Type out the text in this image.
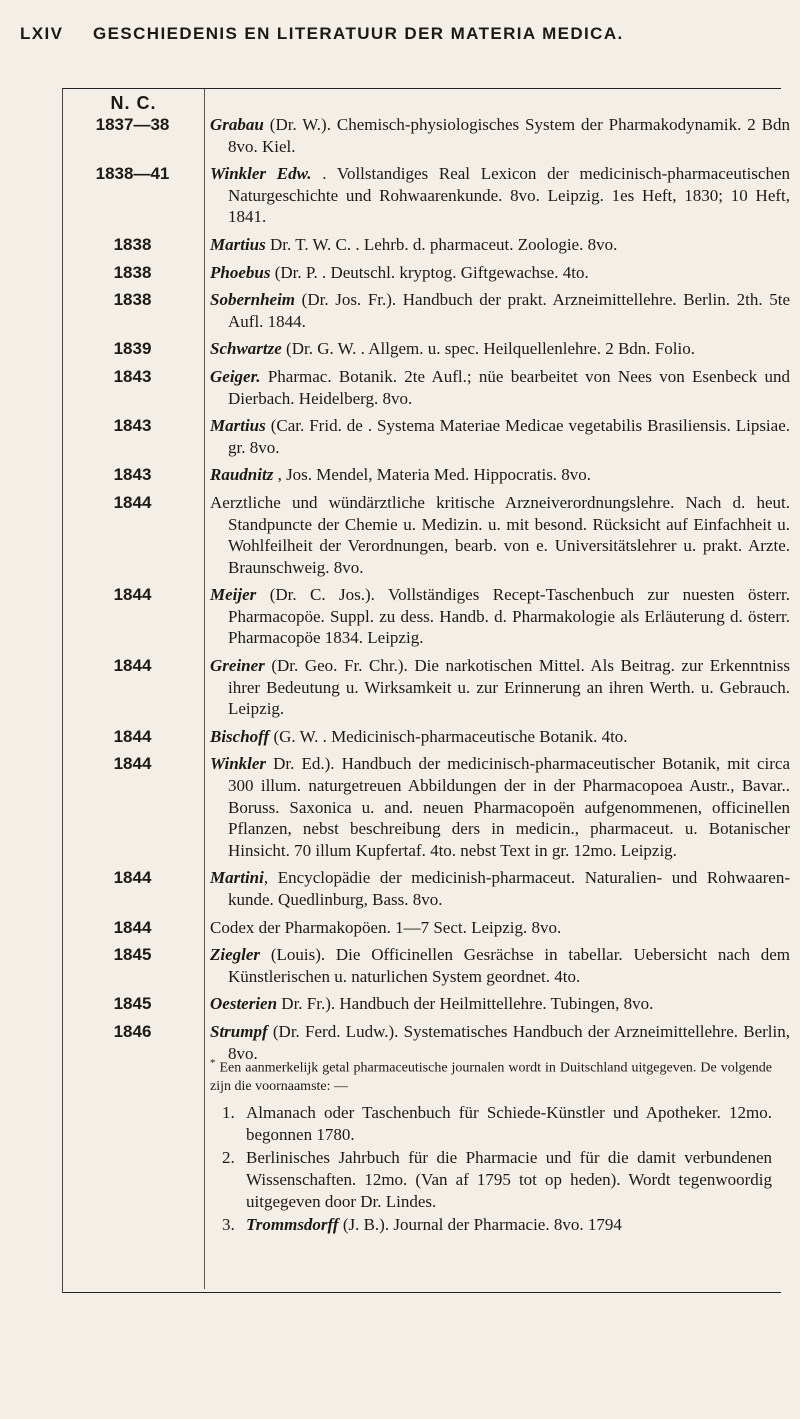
LXIV GESCHIEDENIS EN LITERATUUR DER MATERIA MEDICA.
N. C.
1837—38	Grabau (Dr. W.). Chemisch-physiologisches System der Pharmakodynamik. 2 Bdn 8vo. Kiel.
1838—41	Winkler Edw. . Vollstandiges Real Lexicon der medicinisch-pharmaceutischen Naturgeschichte und Rohwaarenkunde. 8vo. Leipzig. 1es Heft, 1830; 10 Heft, 1841.
1838	Martius Dr. T. W. C. . Lehrb. d. pharmaceut. Zoologie. 8vo.
1838	Phoebus (Dr. P. . Deutschl. kryptog. Giftgewachse. 4to.
1838	Sobernheim (Dr. Jos. Fr.). Handbuch der prakt. Arzneimittellehre. Berlin. 2th. 5te Aufl. 1844.
1839	Schwartze (Dr. G. W. . Allgem. u. spec. Heilquellenlehre. 2 Bdn. Folio.
1843	Geiger. Pharmac. Botanik. 2te Aufl.; nüe bearbeitet von Nees von Esenbeck und Dierbach. Heidelberg. 8vo.
1843	Martius (Car. Frid. de . Systema Materiae Medicae vegetabilis Brasiliensis. Lipsiae. gr. 8vo.
1843	Raudnitz , Jos. Mendel, Materia Med. Hippocratis. 8vo.
1844	Aerztliche und wündärztliche kritische Arzneiverordnungslehre. Nach d. heut. Standpuncte der Chemie u. Medizin. u. mit besond. Rücksicht auf Einfachheit u. Wohlfeilheit der Verordnungen, bearb. von e. Universitätslehrer u. prakt. Arzte. Braunschweig. 8vo.
1844	Meijer (Dr. C. Jos.). Vollständiges Recept-Taschenbuch zur nuesten österr. Pharmacopöe. Suppl. zu dess. Handb. d. Pharmakologie als Erläuterung d. österr. Pharmacopöe 1834. Leipzig.
1844	Greiner (Dr. Geo. Fr. Chr.). Die narkotischen Mittel. Als Beitrag. zur Erkenntniss ihrer Bedeutung u. Wirksamkeit u. zur Erinnerung an ihren Werth. u. Gebrauch. Leipzig.
1844	Bischoff (G. W. . Medicinisch-pharmaceutische Botanik. 4to.
1844	Winkler Dr. Ed.). Handbuch der medicinisch-pharmaceutischer Botanik, mit circa 300 illum. naturgetreuen Abbildungen der in der Pharmacopoea Austr., Bavar.. Boruss. Saxonica u. and. neuen Pharmacopoën aufgenommenen, officinellen Pflanzen, nebst beschreibung ders in medicin., pharmaceut. u. Botanischer Hinsicht. 70 illum Kupfertaf. 4to. nebst Text in gr. 12mo. Leipzig.
1844	Martini, Encyclopädie der medicinish-pharmaceut. Naturalien- und Rohwaaren-kunde. Quedlinburg, Bass. 8vo.
1844	Codex der Pharmakopöen. 1—7 Sect. Leipzig. 8vo.
1845	Ziegler (Louis). Die Officinellen Gesrächse in tabellar. Uebersicht nach dem Künstlerischen u. naturlichen System geordnet. 4to.
1845	Oesterien Dr. Fr.). Handbuch der Heilmittellehre. Tubingen, 8vo.
1846	Strumpf (Dr. Ferd. Ludw.). Systematisches Handbuch der Arzneimittellehre. Berlin, 8vo.
* Een aanmerkelijk getal pharmaceutische journalen wordt in Duitschland uitgegeven. De volgende zijn die voornaamste: —
1. Almanach oder Taschenbuch für Schiede-Künstler und Apotheker. 12mo. begonnen 1780.
2. Berlinisches Jahrbuch für die Pharmacie und für die damit verbundenen Wissenschaften. 12mo. (Van af 1795 tot op heden). Wordt tegenwoordig uitgegeven door Dr. Lindes.
3. Trommsdorff (J. B.). Journal der Pharmacie. 8vo. 1794
